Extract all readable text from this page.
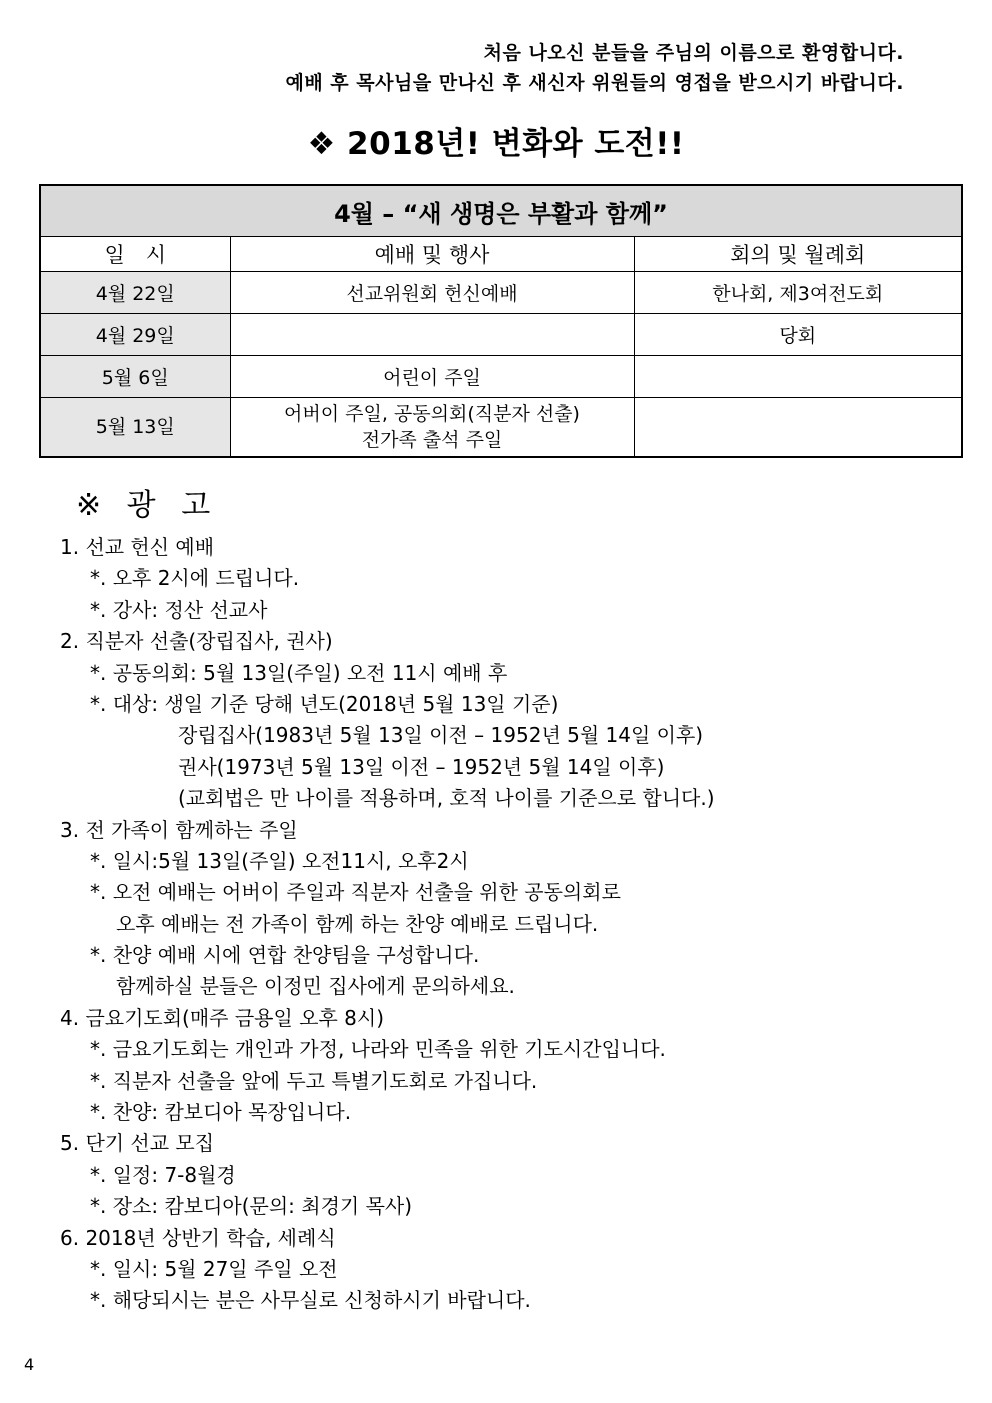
처음 나오신 분들을 주님의 이름으로 환영합니다.
예배 후 목사님을 만나신 후 새신자 위원들의 영접을 받으시기 바랍니다.
❖ 2018년! 변화와 도전!!
4월 – “새 생명은 부활과 함께”		
일　시	예배 및 행사	회의 및 월례회
4월 22일	선교위원회 헌신예배	한나회, 제3여전도회
4월 29일		당회
5월 6일	어린이 주일	
5월 13일	어버이 주일, 공동의회(직분자 선출)
전가족 출석 주일	

※ 광 고
1. 선교 헌신 예배
*. 오후 2시에 드립니다.
*. 강사: 정산 선교사
2. 직분자 선출(장립집사, 권사)
*. 공동의회: 5월 13일(주일) 오전 11시 예배 후
*. 대상: 생일 기준 당해 년도(2018년 5월 13일 기준)
장립집사(1983년 5월 13일 이전 – 1952년 5월 14일 이후)
권사(1973년 5월 13일 이전 – 1952년 5월 14일 이후)
(교회법은 만 나이를 적용하며, 호적 나이를 기준으로 합니다.)
3. 전 가족이 함께하는 주일
*. 일시:5월 13일(주일) 오전11시, 오후2시
*. 오전 예배는 어버이 주일과 직분자 선출을 위한 공동의회로
오후 예배는 전 가족이 함께 하는 찬양 예배로 드립니다.
*. 찬양 예배 시에 연합 찬양팀을 구성합니다.
함께하실 분들은 이정민 집사에게 문의하세요.
4. 금요기도회(매주 금용일 오후 8시)
*. 금요기도회는 개인과 가정, 나라와 민족을 위한 기도시간입니다.
*. 직분자 선출을 앞에 두고 특별기도회로 가집니다.
*. 찬양: 캄보디아 목장입니다.
5. 단기 선교 모집
*. 일정: 7-8월경
*. 장소: 캄보디아(문의: 최경기 목사)
6. 2018년 상반기 학습, 세례식
*. 일시: 5월 27일 주일 오전
*. 해당되시는 분은 사무실로 신청하시기 바랍니다.
4
